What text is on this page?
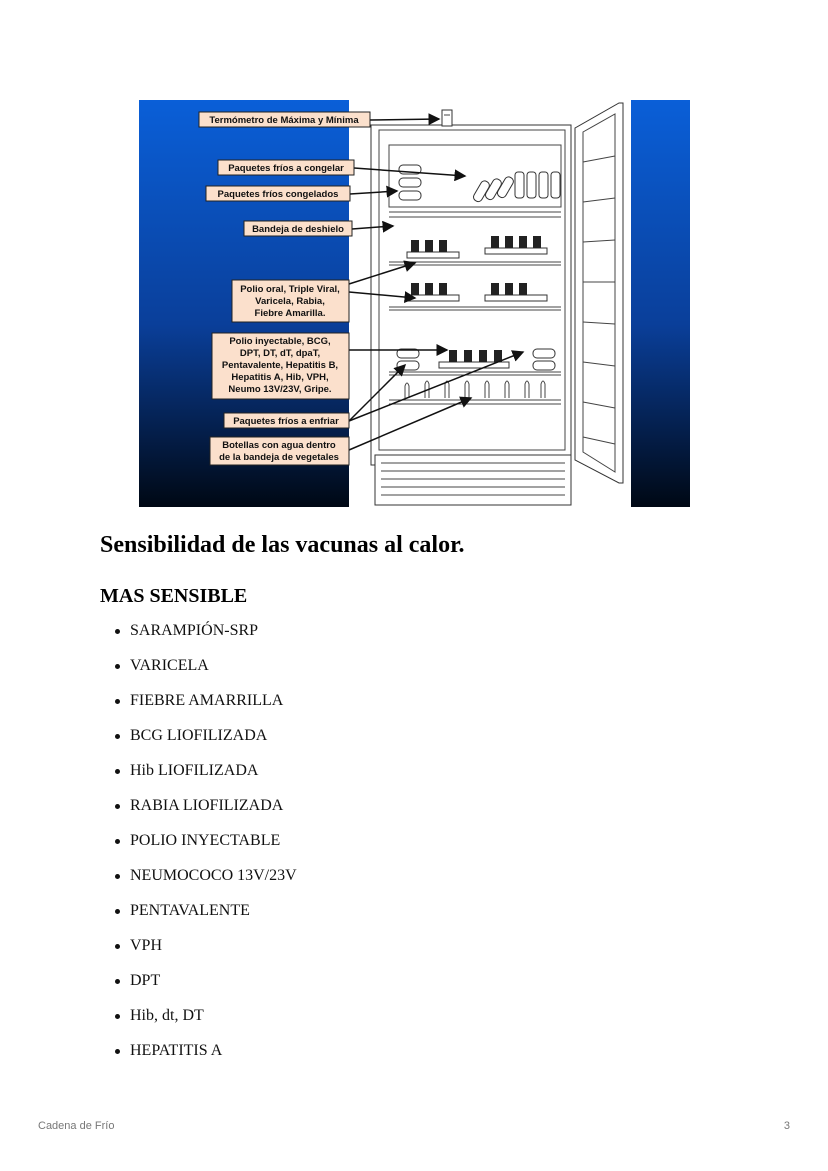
Termómetro de Máxima y Mínima
Paquetes fríos a congelar
Paquetes fríos congelados
Bandeja de deshielo
Polio oral, Triple Viral,
Varicela, Rabia,
Fiebre Amarilla.
Polio inyectable, BCG,
DPT, DT, dT, dpaT,
Pentavalente, Hepatitis B,
Hepatitis A, Hib, VPH,
Neumo 13V/23V, Gripe.
Paquetes fríos a enfriar
Botellas con agua dentro
de la bandeja de vegetales
Sensibilidad de las vacunas al calor.
MAS SENSIBLE
SARAMPIÓN-SRP
VARICELA
FIEBRE AMARRILLA
BCG LIOFILIZADA
Hib LIOFILIZADA
RABIA LIOFILIZADA
POLIO INYECTABLE
NEUMOCOCO 13V/23V
PENTAVALENTE
VPH
DPT
Hib, dt, DT
HEPATITIS A
Cadena de Frío	3
